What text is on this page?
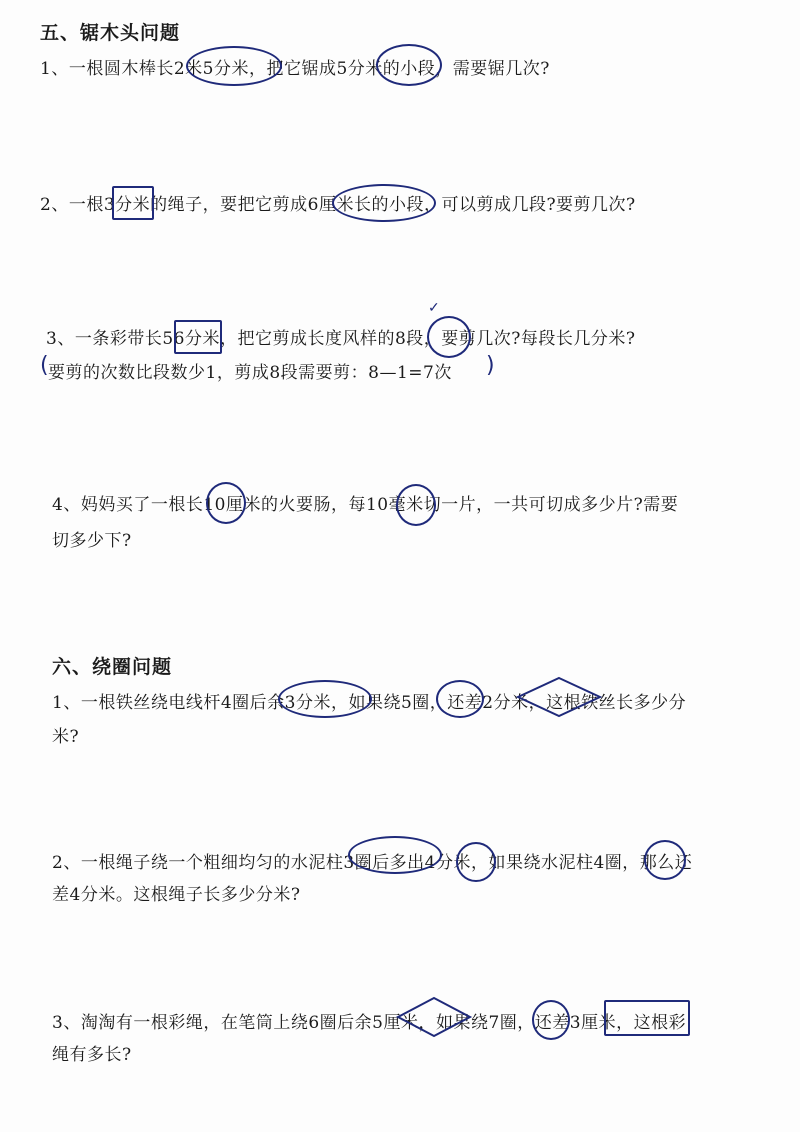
五、锯木头问题
1、一根圆木棒长2米5分米，把它锯成5分米的小段，需要锯几次?
2、一根3分米的绳子，要把它剪成6厘米长的小段，可以剪成几段?要剪几次?
3、一条彩带长56分米，把它剪成长度风样的8段，要剪几次?每段长几分米?
✓
( 要剪的次数比段数少1，剪成8段需要剪：8—1=7次 )
4、妈妈买了一根长10厘米的火要肠，每10毫米切一片，一共可切成多少片?需要
切多少下?
六、绕圈问题
1、一根铁丝绕电线杆4圈后余3分米，如果绕5圈，还差2分米，这根铁丝长多少分
米?
2、一根绳子绕一个粗细均匀的水泥柱3圈后多出4分米，如果绕水泥柱4圈，那么还
差4分米。这根绳子长多少分米?
3、淘淘有一根彩绳，在笔筒上绕6圈后余5厘米，如果绕7圈，还差3厘米，这根彩
绳有多长?
